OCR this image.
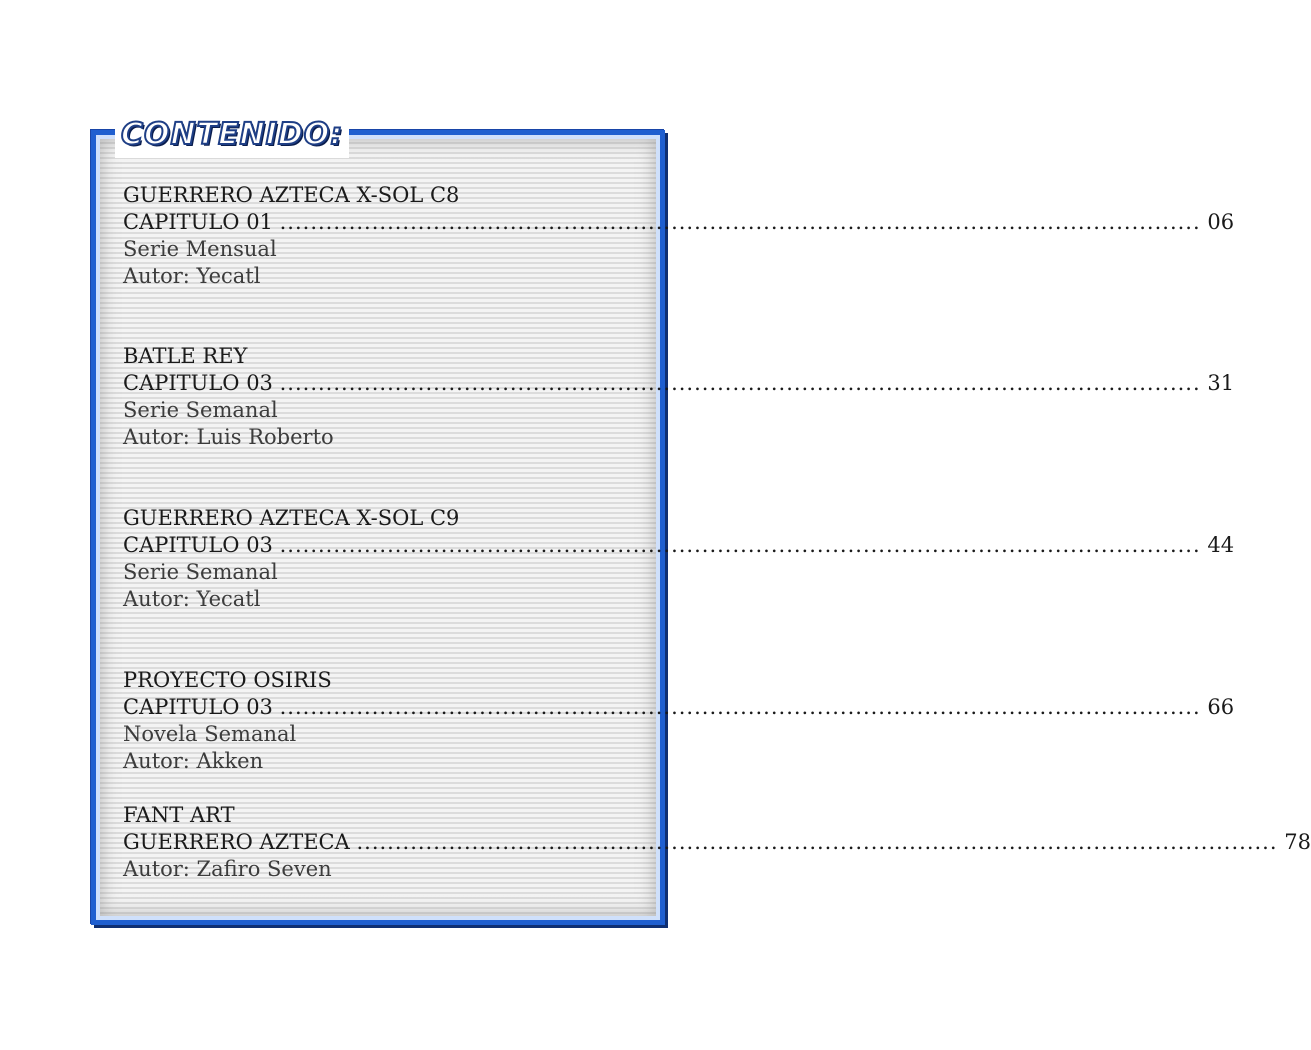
CONTENIDO:
GUERRERO AZTECA X-SOL C8
CAPITULO 01 .....	06
Serie Mensual
Autor: Yecatl
BATLE REY
CAPITULO 03 .....	31
Serie Semanal
Autor: Luis Roberto
GUERRERO AZTECA X-SOL C9
CAPITULO 03 .....	44
Serie Semanal
Autor: Yecatl
PROYECTO OSIRIS
CAPITULO 03 .....	66
Novela Semanal
Autor: Akken
FANT ART
GUERRERO AZTECA .....	78
Autor: Zafiro Seven
